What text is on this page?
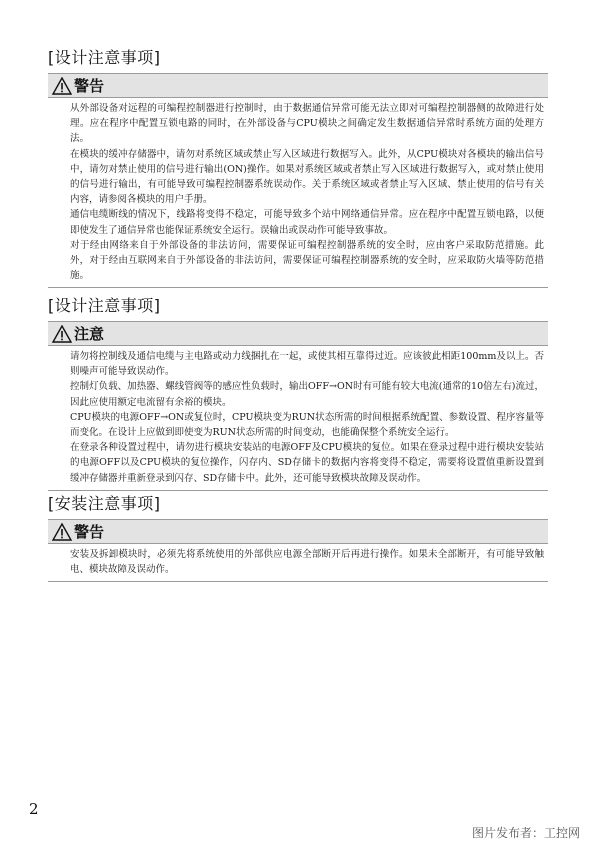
[设计注意事项]
警告

从外部设备对远程的可编程控制器进行控制时，由于数据通信异常可能无法立即对可编程控制器侧的故障进行处理。应在程序中配置互锁电路的同时，在外部设备与CPU模块之间确定发生数据通信异常时系统方面的处理方法。

在模块的缓冲存储器中，请勿对系统区域或禁止写入区域进行数据写入。此外，从CPU模块对各模块的输出信号中，请勿对禁止使用的信号进行输出(ON)操作。如果对系统区域或者禁止写入区域进行数据写入，或对禁止使用的信号进行输出，有可能导致可编程控制器系统误动作。关于系统区域或者禁止写入区域、禁止使用的信号有关内容，请参阅各模块的用户手册。

通信电缆断线的情况下，线路将变得不稳定，可能导致多个站中网络通信异常。应在程序中配置互锁电路，以便即使发生了通信异常也能保证系统安全运行。误输出或误动作可能导致事故。

对于经由网络来自于外部设备的非法访问，需要保证可编程控制器系统的安全时，应由客户采取防范措施。此外，对于经由互联网来自于外部设备的非法访问，需要保证可编程控制器系统的安全时，应采取防火墙等防范措施。

[设计注意事项]
注意

请勿将控制线及通信电缆与主电路或动力线捆扎在一起，或使其相互靠得过近。应该彼此相距100mm及以上。否则噪声可能导致误动作。

控制灯负载、加热器、螺线管阀等的感应性负载时，输出OFF→ON时有可能有较大电流(通常的10倍左右)流过，因此应使用额定电流留有余裕的模块。

CPU模块的电源OFF→ON或复位时，CPU模块变为RUN状态所需的时间根据系统配置、参数设置、程序容量等而变化。在设计上应做到即使变为RUN状态所需的时间变动，也能确保整个系统安全运行。

在登录各种设置过程中，请勿进行模块安装站的电源OFF及CPU模块的复位。如果在登录过程中进行模块安装站的电源OFF以及CPU模块的复位操作，闪存内、SD存储卡的数据内容将变得不稳定，需要将设置值重新设置到缓冲存储器并重新登录到闪存、SD存储卡中。此外，还可能导致模块故障及误动作。

[安装注意事项]
警告

安装及拆卸模块时，必须先将系统使用的外部供应电源全部断开后再进行操作。如果未全部断开，有可能导致触电、模块故障及误动作。

2
图片发布者：工控网
